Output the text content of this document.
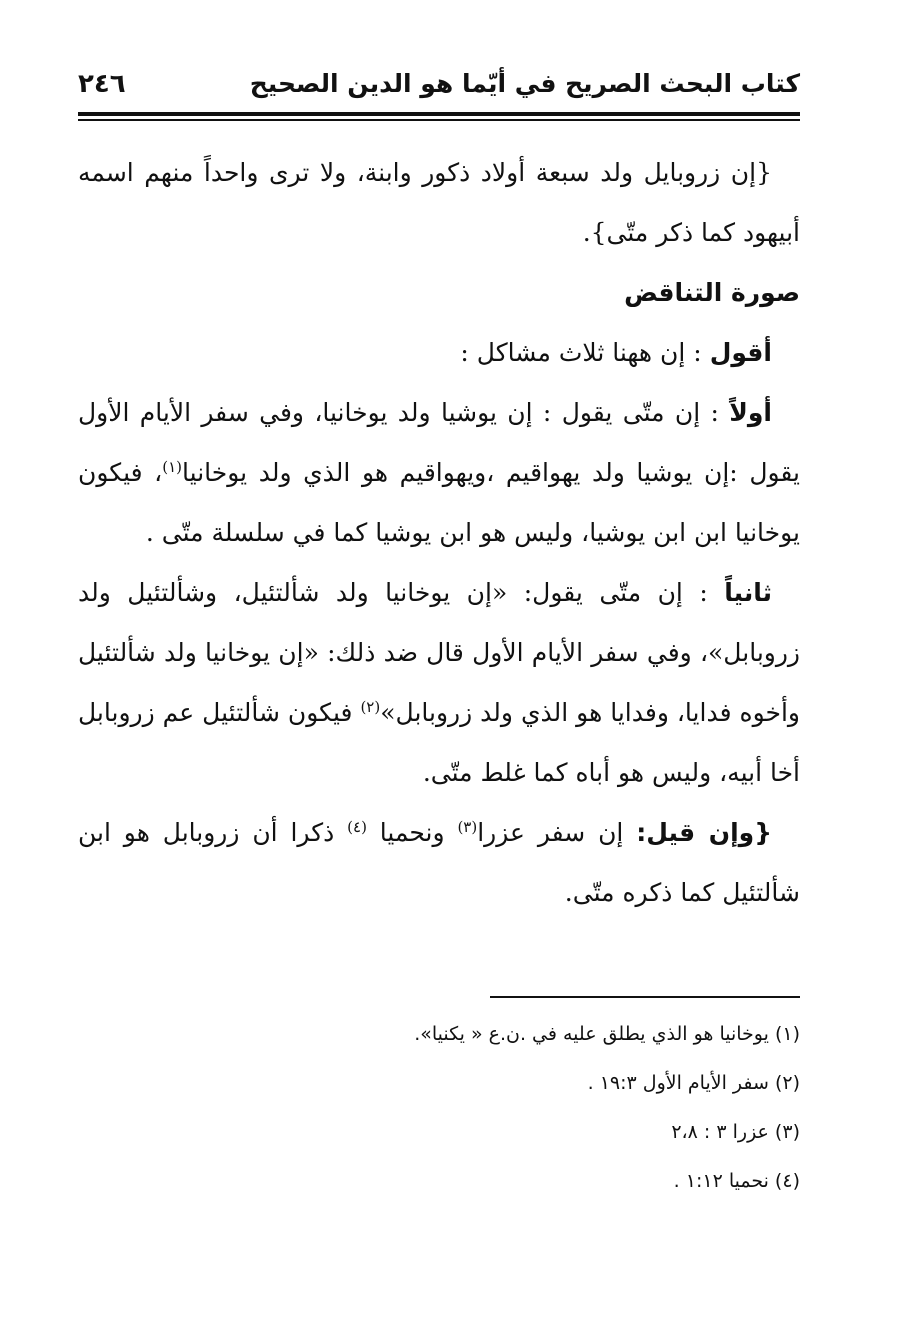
كتاب البحث الصريح في أيّما هو الدين الصحيح
٢٤٦

{إن زروبايل ولد سبعة أولاد ذكور وابنة، ولا ترى واحداً منهم اسمه أبيهود كما ذكر متّى}.

صورة التناقض

أقول : إن ههنا ثلاث مشاكل :

أولاً : إن متّى يقول : إن يوشيا ولد يوخانيا، وفي سفر الأيام الأول يقول :إن يوشيا ولد يهواقيم ،ويهواقيم هو الذي ولد يوخانيا$^{(١)}$، فيكون يوخانيا ابن ابن يوشيا، وليس هو ابن يوشيا كما في سلسلة متّى .

ثانياً : إن متّى يقول: «إن يوخانيا ولد شألتئيل، وشألتئيل ولد زروبابل»، وفي سفر الأيام الأول قال ضد ذلك: «إن يوخانيا ولد شألتئيل وأخوه فدايا، وفدايا هو الذي ولد زروبابل»$^{(٢)}$ فيكون شألتئيل عم زروبابل أخا أبيه، وليس هو أباه كما غلط متّى.

{وإن قيل: إن سفر عزرا$^{(٣)}$ ونحميا $^{(٤)}$ ذكرا أن زروبابل هو ابن شألتئيل كما ذكره متّى.

(١) يوخانيا هو الذي يطلق عليه في .ن.ع « يكنيا».
(٢) سفر الأيام الأول ١٩:٣ .
(٣) عزرا ٣ : ٢،٨
(٤) نحميا ١:١٢ .
